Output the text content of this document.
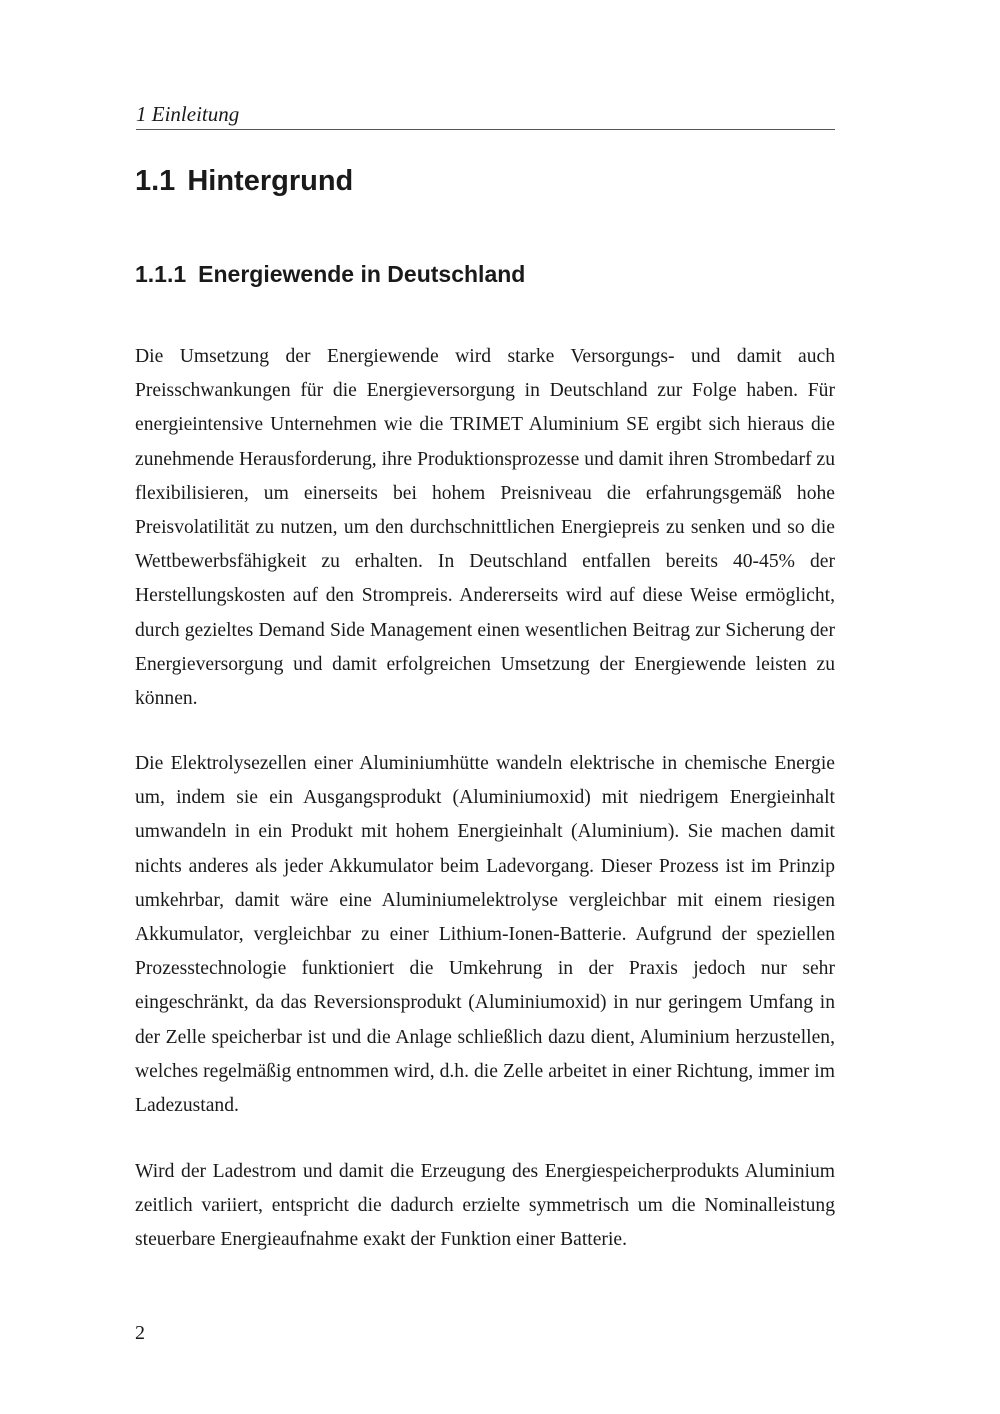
1 Einleitung
1.1 Hintergrund
1.1.1 Energiewende in Deutschland

Die Umsetzung der Energiewende wird starke Versorgungs- und damit auch Preisschwankungen für die Energieversorgung in Deutschland zur Folge haben. Für energieintensive Unternehmen wie die TRIMET Aluminium SE ergibt sich hieraus die zunehmende Herausforderung, ihre Produktionsprozesse und damit ihren Strombedarf zu flexibilisieren, um einerseits bei hohem Preisniveau die erfahrungsgemäß hohe Preisvolatilität zu nutzen, um den durchschnittlichen Energiepreis zu senken und so die Wettbewerbsfähigkeit zu erhalten. In Deutschland entfallen bereits 40-45% der Herstellungskosten auf den Strompreis. Andererseits wird auf diese Weise ermöglicht, durch gezieltes Demand Side Management einen wesentlichen Beitrag zur Sicherung der Energieversorgung und damit erfolgreichen Umsetzung der Energiewende leisten zu können.

Die Elektrolysezellen einer Aluminiumhütte wandeln elektrische in chemische Energie um, indem sie ein Ausgangsprodukt (Aluminiumoxid) mit niedrigem Energieinhalt umwandeln in ein Produkt mit hohem Energieinhalt (Aluminium). Sie machen damit nichts anderes als jeder Akkumulator beim Ladevorgang. Dieser Prozess ist im Prinzip umkehrbar, damit wäre eine Aluminiumelektrolyse vergleichbar mit einem riesigen Akkumulator, vergleichbar zu einer Lithium-Ionen-Batterie. Aufgrund der speziellen Prozesstechnologie funktioniert die Umkehrung in der Praxis jedoch nur sehr eingeschränkt, da das Reversionsprodukt (Aluminiumoxid) in nur geringem Umfang in der Zelle speicherbar ist und die Anlage schließlich dazu dient, Aluminium herzustellen, welches regelmäßig entnommen wird, d.h. die Zelle arbeitet in einer Richtung, immer im Ladezustand.

Wird der Ladestrom und damit die Erzeugung des Energiespeicherprodukts Aluminium zeitlich variiert, entspricht die dadurch erzielte symmetrisch um die Nominalleistung steuerbare Energieaufnahme exakt der Funktion einer Batterie.

2
